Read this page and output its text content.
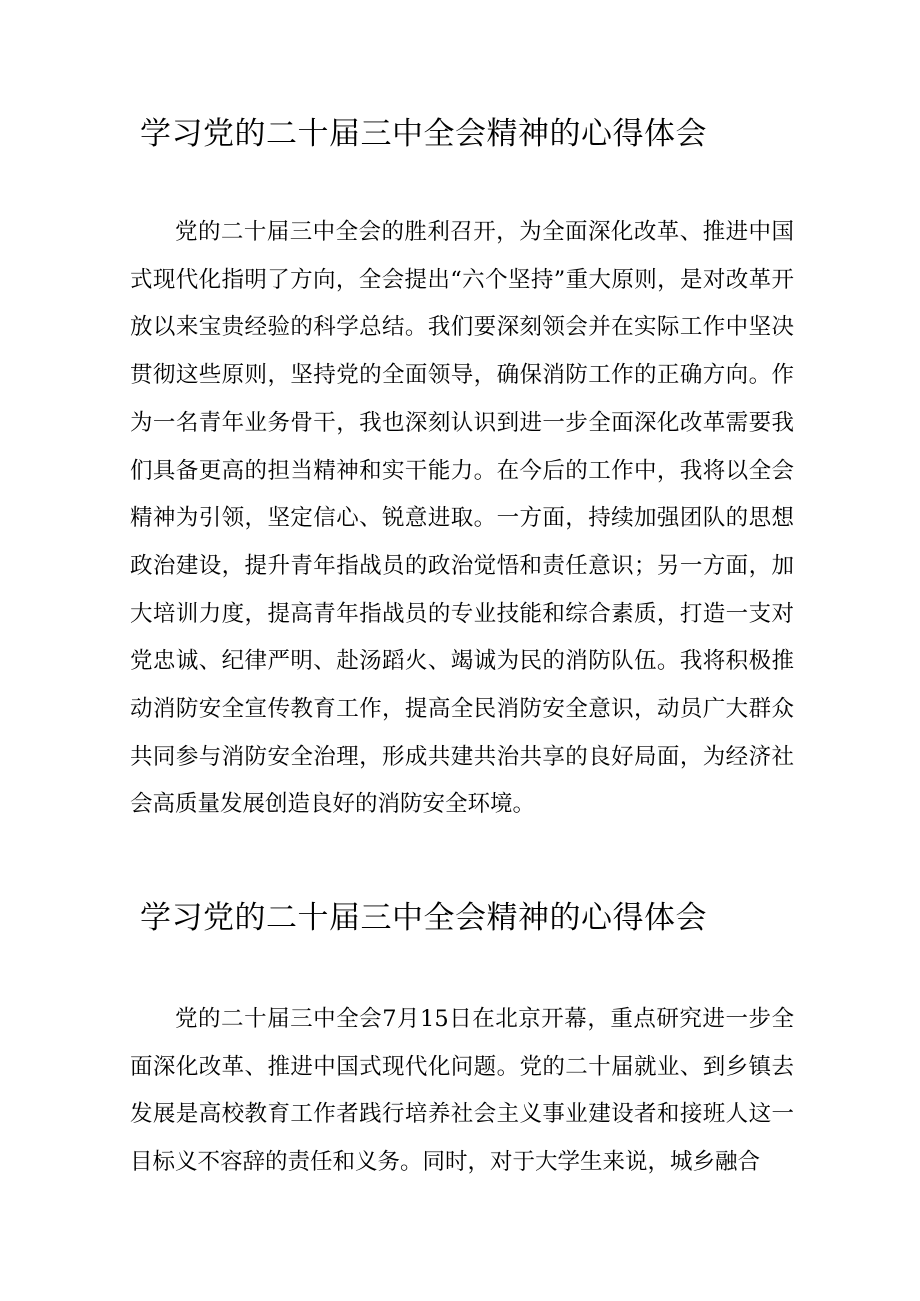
学习党的二十届三中全会精神的心得体会

党的二十届三中全会的胜利召开，为全面深化改革、推进中国式现代化指明了方向，全会提出“六个坚持”重大原则，是对改革开放以来宝贵经验的科学总结。我们要深刻领会并在实际工作中坚决贯彻这些原则，坚持党的全面领导，确保消防工作的正确方向。作为一名青年业务骨干，我也深刻认识到进一步全面深化改革需要我们具备更高的担当精神和实干能力。在今后的工作中，我将以全会精神为引领，坚定信心、锐意进取。一方面，持续加强团队的思想政治建设，提升青年指战员的政治觉悟和责任意识；另一方面，加大培训力度，提高青年指战员的专业技能和综合素质，打造一支对党忠诚、纪律严明、赴汤蹈火、竭诚为民的消防队伍。我将积极推动消防安全宣传教育工作，提高全民消防安全意识，动员广大群众共同参与消防安全治理，形成共建共治共享的良好局面，为经济社会高质量发展创造良好的消防安全环境。

学习党的二十届三中全会精神的心得体会

党的二十届三中全会7月15日在北京开幕，重点研究进一步全面深化改革、推进中国式现代化问题。党的二十届就业、到乡镇去发展是高校教育工作者践行培养社会主义事业建设者和接班人这一目标义不容辞的责任和义务。同时，对于大学生来说，城乡融合
